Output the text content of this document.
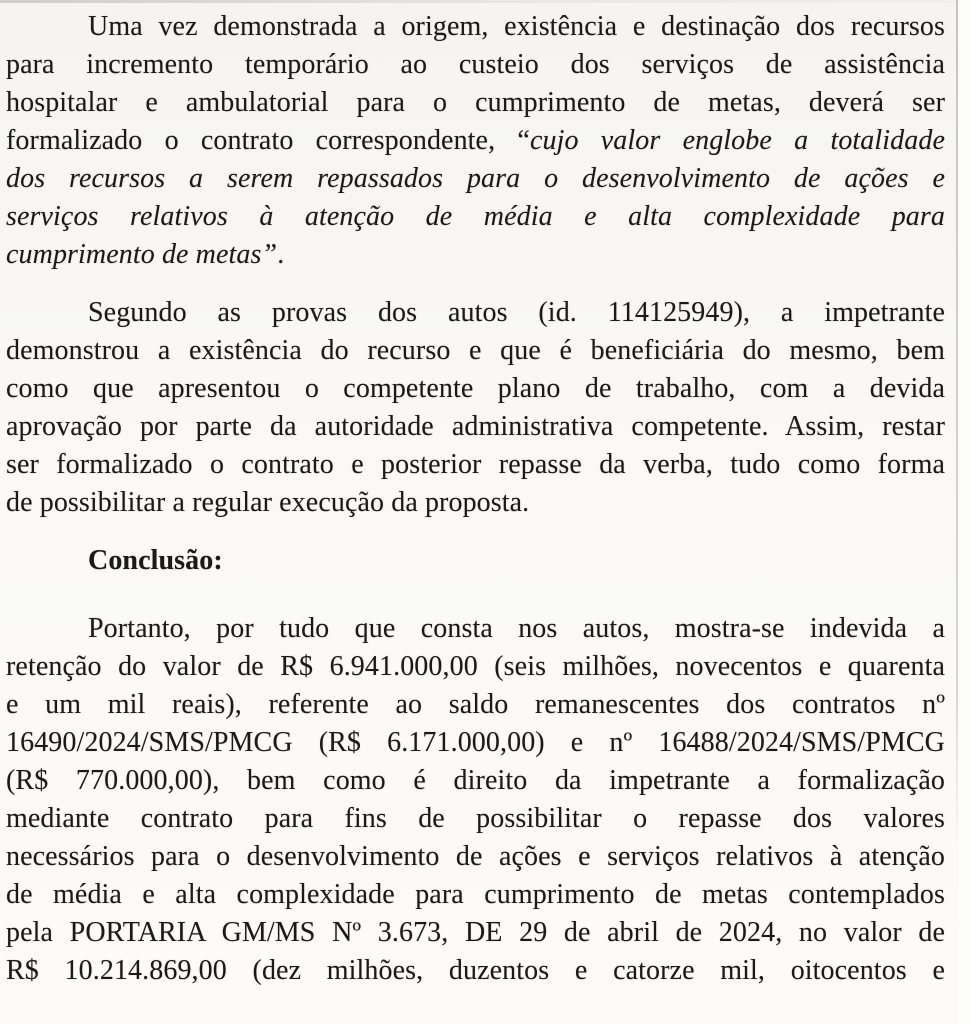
Uma vez demonstrada a origem, existência e destinação dos recursos
para incremento temporário ao custeio dos serviços de assistência
hospitalar e ambulatorial para o cumprimento de metas, deverá ser
formalizado o contrato correspondente, “cujo valor englobe a totalidade
dos recursos a serem repassados para o desenvolvimento de ações e
serviços relativos à atenção de média e alta complexidade para
cumprimento de metas”.
Segundo as provas dos autos (id. 114125949), a impetrante
demonstrou a existência do recurso e que é beneficiária do mesmo, bem
como que apresentou o competente plano de trabalho, com a devida
aprovação por parte da autoridade administrativa competente. Assim, restar
ser formalizado o contrato e posterior repasse da verba, tudo como forma
de possibilitar a regular execução da proposta.
Conclusão:
Portanto, por tudo que consta nos autos, mostra-se indevida a
retenção do valor de R$ 6.941.000,00 (seis milhões, novecentos e quarenta
e um mil reais), referente ao saldo remanescentes dos contratos nº
16490/2024/SMS/PMCG (R$ 6.171.000,00) e nº 16488/2024/SMS/PMCG
(R$ 770.000,00), bem como é direito da impetrante a formalização
mediante contrato para fins de possibilitar o repasse dos valores
necessários para o desenvolvimento de ações e serviços relativos à atenção
de média e alta complexidade para cumprimento de metas contemplados
pela PORTARIA GM/MS Nº 3.673, DE 29 de abril de 2024, no valor de
R$ 10.214.869,00 (dez milhões, duzentos e catorze mil, oitocentos e
